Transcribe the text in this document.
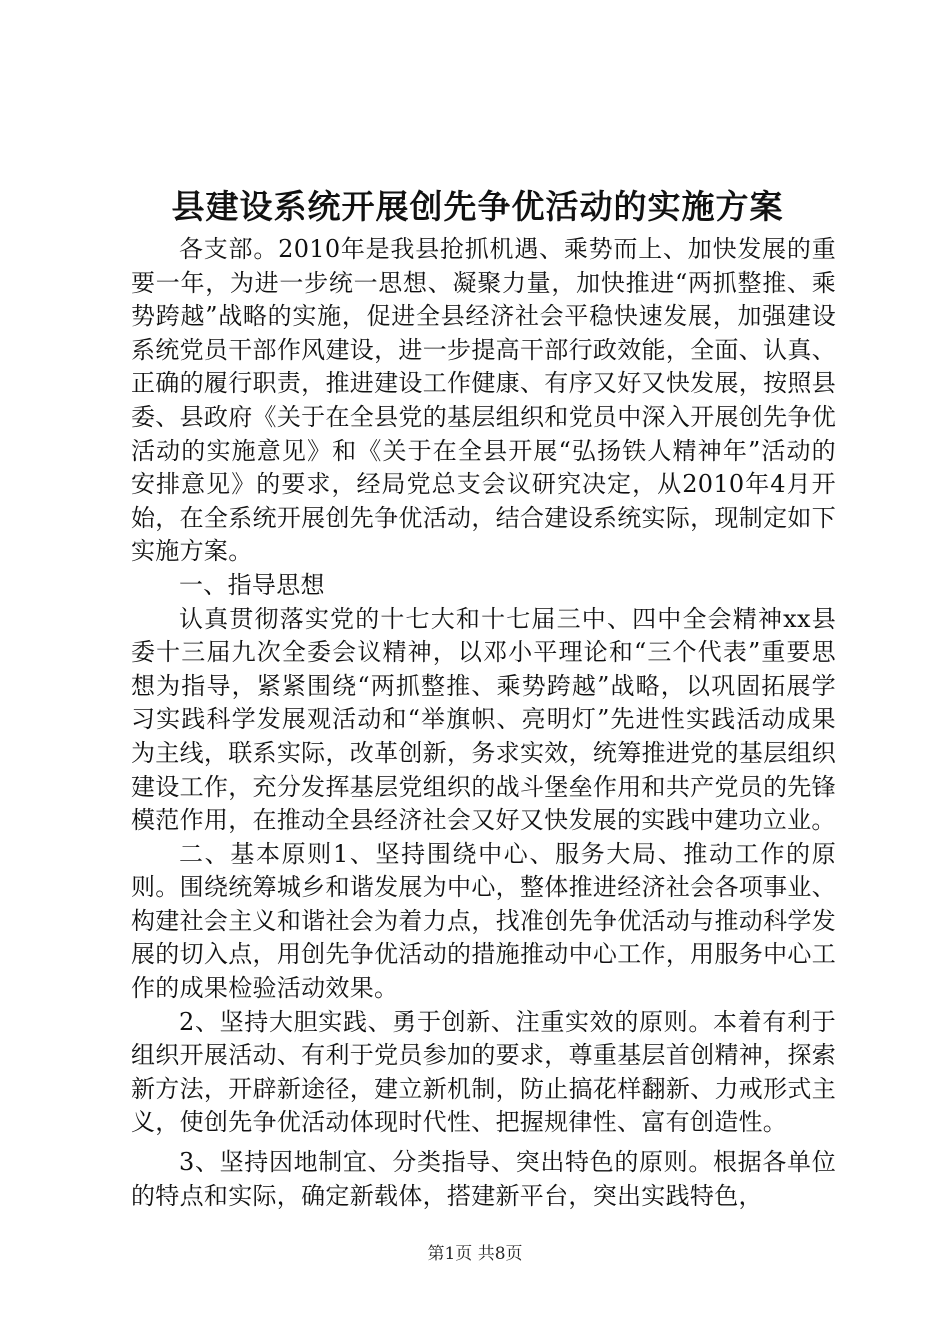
县建设系统开展创先争优活动的实施方案

各支部。2010年是我县抢抓机遇、乘势而上、加快发展的重要一年，为进一步统一思想、凝聚力量，加快推进“两抓整推、乘势跨越”战略的实施，促进全县经济社会平稳快速发展，加强建设系统党员干部作风建设，进一步提高干部行政效能，全面、认真、正确的履行职责，推进建设工作健康、有序又好又快发展，按照县委、县政府《关于在全县党的基层组织和党员中深入开展创先争优活动的实施意见》和《关于在全县开展“弘扬铁人精神年”活动的安排意见》的要求，经局党总支会议研究决定，从2010年4月开始，在全系统开展创先争优活动，结合建设系统实际，现制定如下实施方案。

一、指导思想

认真贯彻落实党的十七大和十七届三中、四中全会精神xx县委十三届九次全委会议精神，以邓小平理论和“三个代表”重要思想为指导，紧紧围绕“两抓整推、乘势跨越”战略，以巩固拓展学习实践科学发展观活动和“举旗帜、亮明灯”先进性实践活动成果为主线，联系实际，改革创新，务求实效，统筹推进党的基层组织建设工作，充分发挥基层党组织的战斗堡垒作用和共产党员的先锋模范作用，在推动全县经济社会又好又快发展的实践中建功立业。

二、基本原则1、坚持围绕中心、服务大局、推动工作的原则。围绕统筹城乡和谐发展为中心，整体推进经济社会各项事业、构建社会主义和谐社会为着力点，找准创先争优活动与推动科学发展的切入点，用创先争优活动的措施推动中心工作，用服务中心工作的成果检验活动效果。

2、坚持大胆实践、勇于创新、注重实效的原则。本着有利于组织开展活动、有利于党员参加的要求，尊重基层首创精神，探索新方法，开辟新途径，建立新机制，防止搞花样翻新、力戒形式主义，使创先争优活动体现时代性、把握规律性、富有创造性。

3、坚持因地制宜、分类指导、突出特色的原则。根据各单位的特点和实际，确定新载体，搭建新平台，突出实践特色，

第1页 共8页
